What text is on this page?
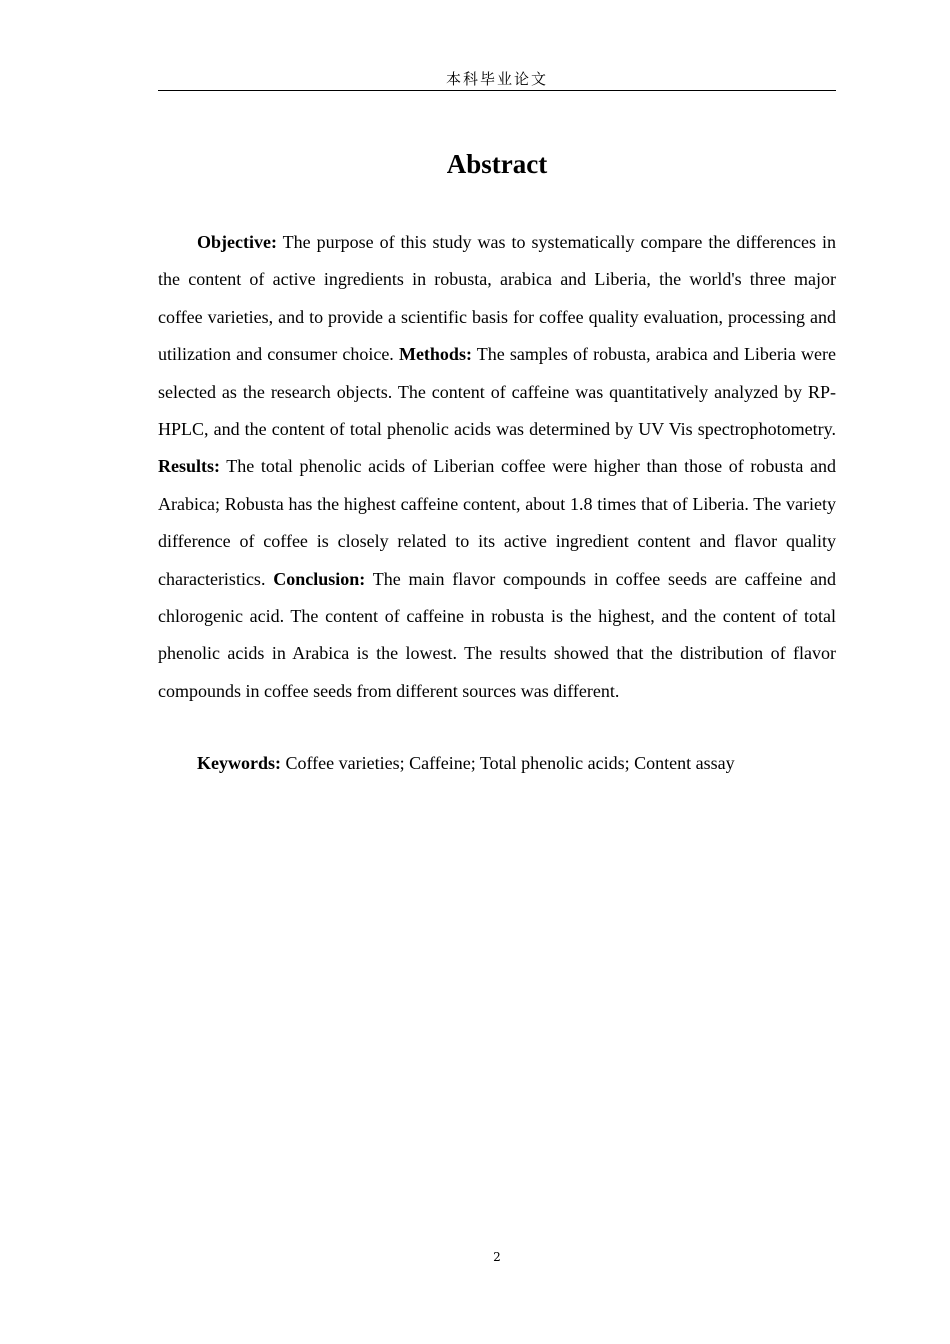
本科毕业论文
Abstract

Objective: The purpose of this study was to systematically compare the differences in the content of active ingredients in robusta, arabica and Liberia, the world's three major coffee varieties, and to provide a scientific basis for coffee quality evaluation, processing and utilization and consumer choice. Methods: The samples of robusta, arabica and Liberia were selected as the research objects. The content of caffeine was quantitatively analyzed by RP-HPLC, and the content of total phenolic acids was determined by UV Vis spectrophotometry. Results: The total phenolic acids of Liberian coffee were higher than those of robusta and Arabica; Robusta has the highest caffeine content, about 1.8 times that of Liberia. The variety difference of coffee is closely related to its active ingredient content and flavor quality characteristics. Conclusion: The main flavor compounds in coffee seeds are caffeine and chlorogenic acid. The content of caffeine in robusta is the highest, and the content of total phenolic acids in Arabica is the lowest. The results showed that the distribution of flavor compounds in coffee seeds from different sources was different.

Keywords: Coffee varieties; Caffeine; Total phenolic acids; Content assay

2
